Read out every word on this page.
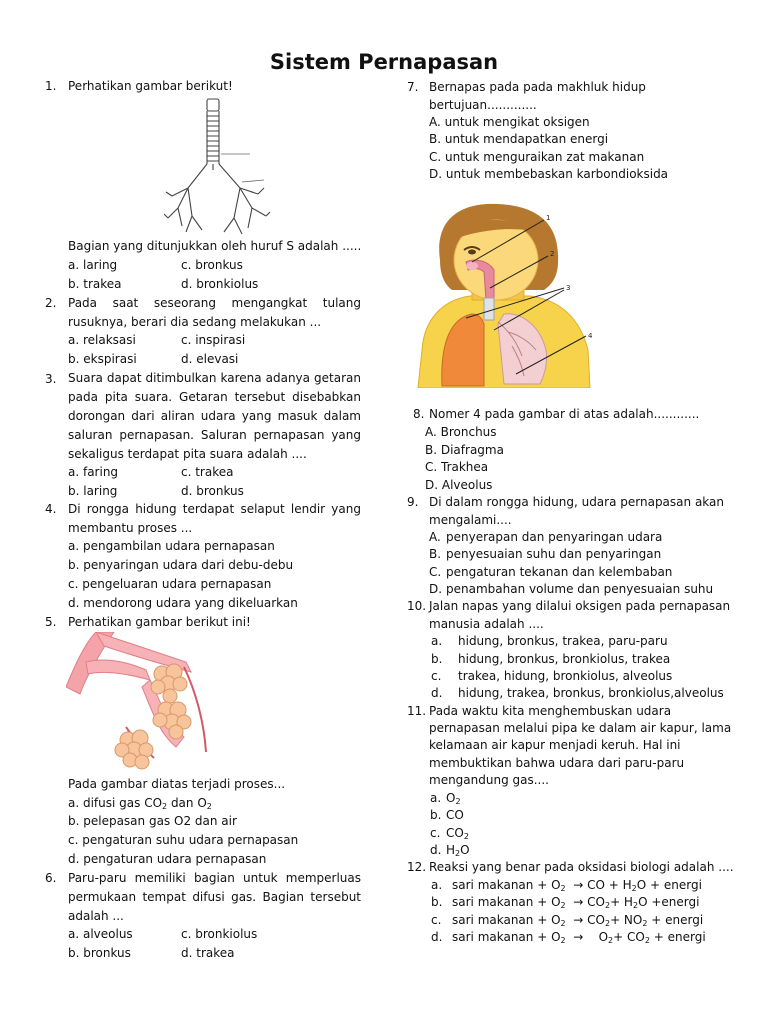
Sistem Pernapasan
1. Perhatikan gambar berikut!
Bagian yang ditunjukkan oleh huruf S adalah .....
a. laring	c. bronkus
b. trakea	d. bronkiolus
2. Pada saat seseorang mengangkat tulang rusuknya, berari dia sedang melakukan ...
a. relaksasi	c. inspirasi
b. ekspirasi	d. elevasi
3. Suara dapat ditimbulkan karena adanya getaran pada pita suara. Getaran tersebut disebabkan dorongan dari aliran udara yang masuk dalam saluran pernapasan. Saluran pernapasan yang sekaligus terdapat pita suara adalah ....
a. faring	c. trakea
b. laring	d. bronkus
4. Di rongga hidung terdapat selaput lendir yang membantu proses ...
a. pengambilan udara pernapasan
b. penyaringan udara dari debu-debu
c. pengeluaran udara pernapasan
d. mendorong udara yang dikeluarkan
5. Perhatikan gambar berikut ini!
Pada gambar diatas terjadi proses...
a. difusi gas $CO_2$ dan $O_2$
b. pelepasan gas O2 dan air
c. pengaturan suhu udara pernapasan
d. pengaturan udara pernapasan
6. Paru-paru memiliki bagian untuk memperluas permukaan tempat difusi gas. Bagian tersebut adalah ...
a. alveolus	c. bronkiolus
b. bronkus	d. trakea
7. Bernapas pada pada makhluk hidup
bertujuan.............
A. untuk mengikat oksigen
B. untuk mendapatkan energi
C. untuk menguraikan zat makanan
D. untuk membebaskan karbondioksida
1
2
3
4
8. Nomer 4 pada gambar di atas adalah............
A. Bronchus
B. Diafragma
C. Trakhea
D. Alveolus
9. Di dalam rongga hidung, udara pernapasan akan
mengalami....
A. penyerapan dan penyaringan udara
B. penyesuaian suhu dan penyaringan
C. pengaturan tekanan dan kelembaban
D. penambahan volume dan penyesuaian suhu
10. Jalan napas yang dilalui oksigen pada pernapasan
manusia adalah ....
a. hidung, bronkus, trakea, paru-paru
b. hidung, bronkus, bronkiolus, trakea
c. trakea, hidung, bronkiolus, alveolus
d. hidung, trakea, bronkus, bronkiolus,alveolus
11. Pada waktu kita menghembuskan udara
pernapasan melalui pipa ke dalam air kapur, lama
kelamaan air kapur menjadi keruh. Hal ini
membuktikan bahwa udara dari paru-paru
mengandung gas....
a. $O_2$
b. CO
c. $CO_2$
d. $H_2O$
12. Reaksi yang benar pada oksidasi biologi adalah ....
a. sari makanan + $O_2$ → CO + $H_2O$ + energi
b. sari makanan + $O_2 \to CO_2+ H_2O$ +energi
c. sari makanan + $O_2 \to CO_2+ NO_2$ + energi
d. sari makanan + $O_2 \to O_2+ CO_2$ + energi
